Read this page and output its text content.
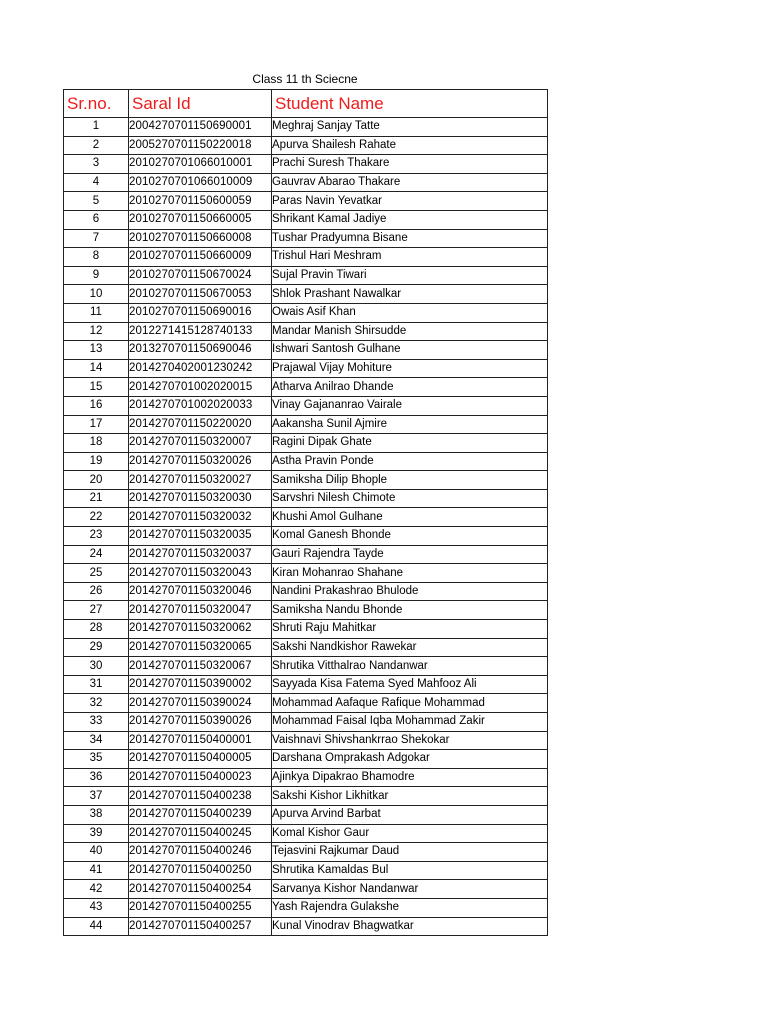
Class 11 th Sciecne
Sr.no.	Saral Id	Student Name
1	2004270701150690001	Meghraj Sanjay Tatte
2	2005270701150220018	Apurva Shailesh Rahate
3	2010270701066010001	Prachi Suresh Thakare
4	2010270701066010009	Gauvrav Abarao Thakare
5	2010270701150600059	Paras Navin Yevatkar
6	2010270701150660005	Shrikant Kamal Jadiye
7	2010270701150660008	Tushar Pradyumna Bisane
8	2010270701150660009	Trishul Hari Meshram
9	2010270701150670024	Sujal Pravin Tiwari
10	2010270701150670053	Shlok Prashant Nawalkar
11	2010270701150690016	Owais Asif Khan
12	2012271415128740133	Mandar Manish Shirsudde
13	2013270701150690046	Ishwari Santosh Gulhane
14	2014270402001230242	Prajawal Vijay Mohiture
15	2014270701002020015	Atharva Anilrao Dhande
16	2014270701002020033	Vinay Gajananrao Vairale
17	2014270701150220020	Aakansha Sunil Ajmire
18	2014270701150320007	Ragini Dipak Ghate
19	2014270701150320026	Astha Pravin Ponde
20	2014270701150320027	Samiksha Dilip Bhople
21	2014270701150320030	Sarvshri Nilesh Chimote
22	2014270701150320032	Khushi Amol Gulhane
23	2014270701150320035	Komal Ganesh Bhonde
24	2014270701150320037	Gauri Rajendra Tayde
25	2014270701150320043	Kiran Mohanrao Shahane
26	2014270701150320046	Nandini Prakashrao Bhulode
27	2014270701150320047	Samiksha Nandu Bhonde
28	2014270701150320062	Shruti Raju Mahitkar
29	2014270701150320065	Sakshi Nandkishor Rawekar
30	2014270701150320067	Shrutika Vitthalrao Nandanwar
31	2014270701150390002	Sayyada Kisa Fatema Syed Mahfooz Ali
32	2014270701150390024	Mohammad Aafaque Rafique Mohammad
33	2014270701150390026	Mohammad Faisal Iqba Mohammad Zakir
34	2014270701150400001	Vaishnavi Shivshankrrao Shekokar
35	2014270701150400005	Darshana Omprakash Adgokar
36	2014270701150400023	Ajinkya Dipakrao Bhamodre
37	2014270701150400238	Sakshi Kishor Likhitkar
38	2014270701150400239	Apurva Arvind Barbat
39	2014270701150400245	Komal Kishor Gaur
40	2014270701150400246	Tejasvini Rajkumar Daud
41	2014270701150400250	Shrutika Kamaldas Bul
42	2014270701150400254	Sarvanya Kishor Nandanwar
43	2014270701150400255	Yash Rajendra Gulakshe
44	2014270701150400257	Kunal Vinodrav Bhagwatkar
